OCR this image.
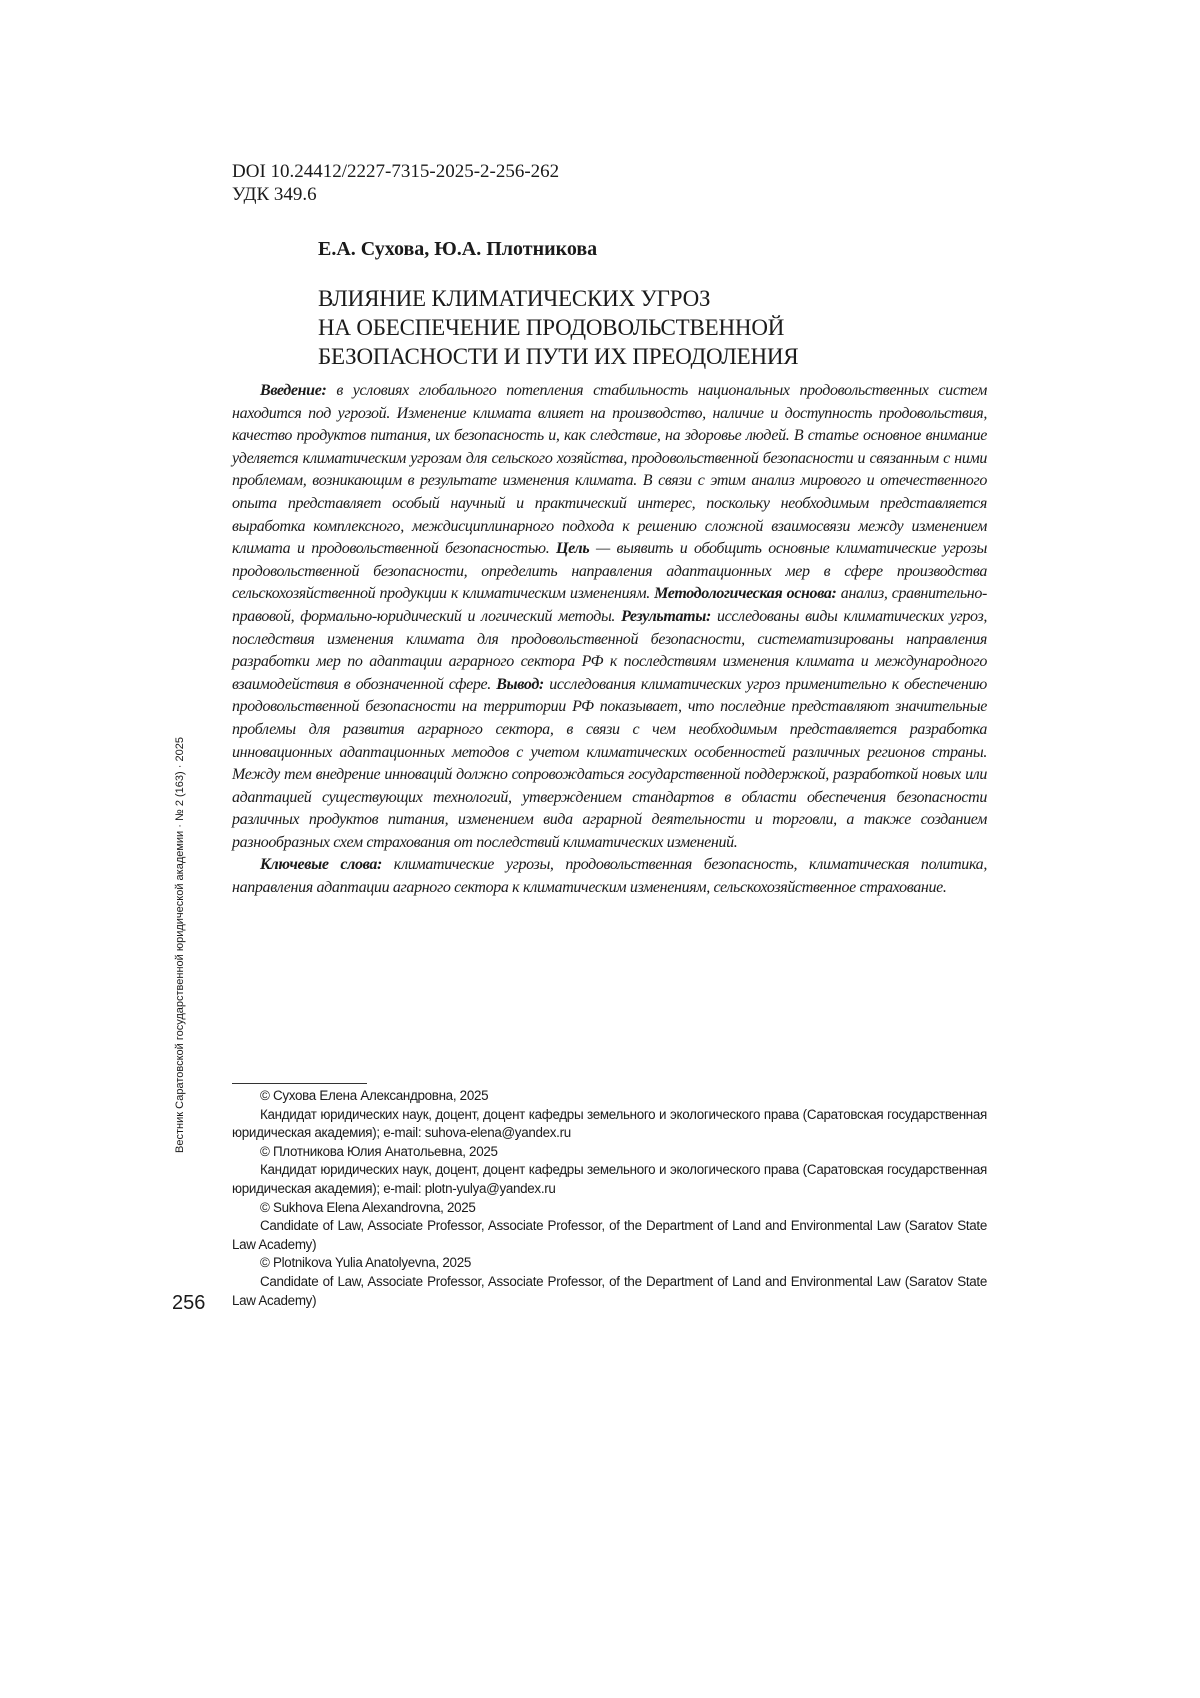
DOI 10.24412/2227-7315-2025-2-256-262
УДК 349.6
Е.А. Сухова, Ю.А. Плотникова
ВЛИЯНИЕ КЛИМАТИЧЕСКИХ УГРОЗ
НА ОБЕСПЕЧЕНИЕ ПРОДОВОЛЬСТВЕННОЙ
БЕЗОПАСНОСТИ И ПУТИ ИХ ПРЕОДОЛЕНИЯ

Введение: в условиях глобального потепления стабильность национальных продовольственных систем находится под угрозой. Изменение климата влияет на производство, наличие и доступность продовольствия, качество продуктов питания, их безопасность и, как следствие, на здоровье людей. В статье основное внимание уделяется климатическим угрозам для сельского хозяйства, продовольственной безопасности и связанным с ними проблемам, возникающим в результате изменения климата. В связи с этим анализ мирового и отечественного опыта представляет особый научный и практический интерес, поскольку необходимым представляется выработка комплексного, междисциплинарного подхода к решению сложной взаимосвязи между изменением климата и продовольственной безопасностью. Цель — выявить и обобщить основные климатические угрозы продовольственной безопасности, определить направления адаптационных мер в сфере производства сельскохозяйственной продукции к климатическим изменениям. Методологическая основа: анализ, сравнительно-правовой, формально-юридический и логический методы. Результаты: исследованы виды климатических угроз, последствия изменения климата для продовольственной безопасности, систематизированы направления разработки мер по адаптации аграрного сектора РФ к последствиям изменения климата и международного взаимодействия в обозначенной сфере. Вывод: исследования климатических угроз применительно к обеспечению продовольственной безопасности на территории РФ показывает, что последние представляют значительные проблемы для развития аграрного сектора, в связи с чем необходимым представляется разработка инновационных адаптационных методов с учетом климатических особенностей различных регионов страны. Между тем внедрение инноваций должно сопровождаться государственной поддержкой, разработкой новых или адаптацией существующих технологий, утверждением стандартов в области обеспечения безопасности различных продуктов питания, изменением вида аграрной деятельности и торговли, а также созданием разнообразных схем страхования от последствий климатических изменений.

Ключевые слова: климатические угрозы, продовольственная безопасность, климатическая политика, направления адаптации агарного сектора к климатическим изменениям, сельскохозяйственное страхование.

© Сухова Елена Александровна, 2025

Кандидат юридических наук, доцент, доцент кафедры земельного и экологического права (Саратовская государственная юридическая академия); e-mail: suhova-elena@yandex.ru

© Плотникова Юлия Анатольевна, 2025

Кандидат юридических наук, доцент, доцент кафедры земельного и экологического права (Саратовская государственная юридическая академия); e-mail: plotn-yulya@yandex.ru

© Sukhova Elena Alexandrovna, 2025

Candidate of Law, Associate Professor, Associate Professor, of the Department of Land and Environmental Law (Saratov State Law Academy)

© Plotnikova Yulia Anatolyevna, 2025

Candidate of Law, Associate Professor, Associate Professor, of the Department of Land and Environmental Law (Saratov State Law Academy)

256
Вестник Саратовской государственной юридической академии · № 2 (163) · 2025
